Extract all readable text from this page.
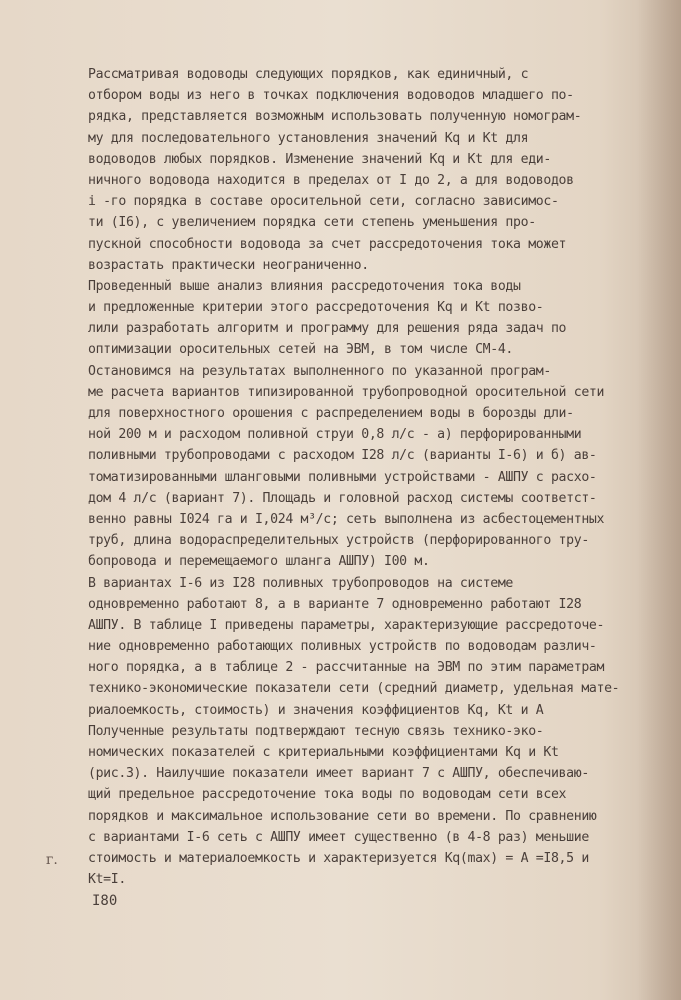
г.
Рассматривая водоводы следующих порядков, как единичный, с
отбором воды из него в точках подключения водоводов младшего по-
рядка, представляется возможным использовать полученную номограм-
му для последовательного установления значений Kq и Kt для
водоводов любых порядков. Изменение значений Kq и Kt для еди-
ничного водовода находится в пределах от I до 2, а для водоводов
i -го порядка в составе оросительной сети, согласно зависимос-
ти (I6), с увеличением порядка сети степень уменьшения про-
пускной способности водовода за счет рассредоточения тока может
возрастать практически неограниченно.
Проведенный выше анализ влияния рассредоточения тока воды
и предложенные критерии этого рассредоточения Kq и Kt позво-
лили разработать алгоритм и программу для решения ряда задач по
оптимизации оросительных сетей на ЭВМ, в том числе СМ-4.
Остановимся на результатах выполненного по указанной програм-
ме расчета вариантов типизированной трубопроводной оросительной сети
для поверхностного орошения с распределением воды в борозды дли-
ной 200 м и расходом поливной струи 0,8 л/с - а) перфорированными
поливными трубопроводами с расходом I28 л/с (варианты I-6) и б) ав-
томатизированными шланговыми поливными устройствами - АШПУ с расхо-
дом 4 л/с (вариант 7). Площадь и головной расход системы соответст-
венно равны I024 га и I,024 м³/с; сеть выполнена из асбестоцементных
труб, длина водораспределительных устройств (перфорированного тру-
бопровода и перемещаемого шланга АШПУ) I00 м.
В вариантах I-6 из I28 поливных трубопроводов на системе
одновременно работают 8, а в варианте 7 одновременно работают I28
АШПУ. В таблице I приведены параметры, характеризующие рассредоточе-
ние одновременно работающих поливных устройств по водоводам различ-
ного порядка, а в таблице 2 - рассчитанные на ЭВМ по этим параметрам
технико-экономические показатели сети (средний диаметр, удельная мате-
риалоемкость, стоимость) и значения коэффициентов Kq, Kt и A
Полученные результаты подтверждают тесную связь технико-эко-
номических показателей с критериальными коэффициентами Kq и Kt
(рис.3). Наилучшие показатели имеет вариант 7 с АШПУ, обеспечиваю-
щий предельное рассредоточение тока воды по водоводам сети всех
порядков и максимальное использование сети во времени. По сравнению
с вариантами I-6 сеть с АШПУ имеет существенно (в 4-8 раз) меньшие
стоимость и материалоемкость и характеризуется Kq(max) = A =I8,5 и
Kt=I.
I80
